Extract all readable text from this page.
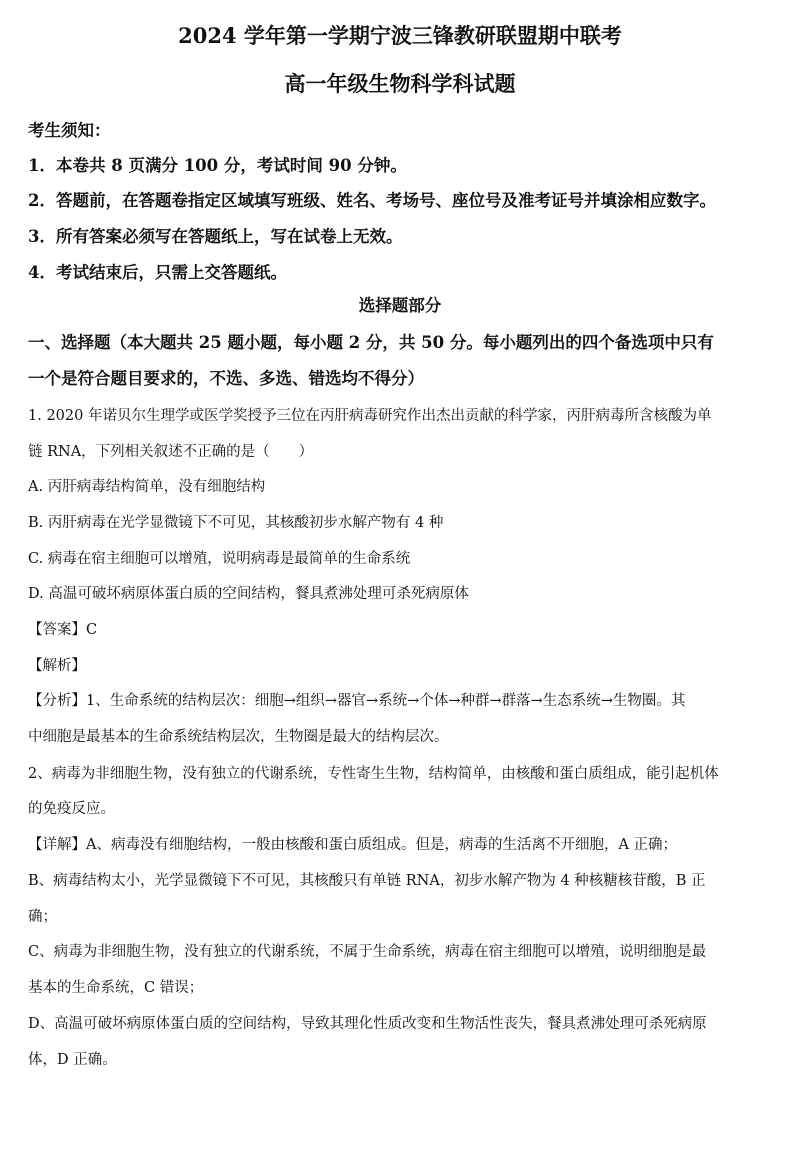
2024 学年第一学期宁波三锋教研联盟期中联考
高一年级生物科学科试题
考生须知：
1．本卷共 8 页满分 100 分，考试时间 90 分钟。
2．答题前，在答题卷指定区域填写班级、姓名、考场号、座位号及准考证号并填涂相应数字。
3．所有答案必须写在答题纸上，写在试卷上无效。
4．考试结束后，只需上交答题纸。
选择题部分
一、选择题（本大题共 25 题小题，每小题 2 分，共 50 分。每小题列出的四个备选项中只有
一个是符合题目要求的，不选、多选、错选均不得分）
1. 2020 年诺贝尔生理学或医学奖授予三位在丙肝病毒研究作出杰出贡献的科学家，丙肝病毒所含核酸为单
链 RNA，下列相关叙述不正确的是（　　）
A. 丙肝病毒结构简单，没有细胞结构
B. 丙肝病毒在光学显微镜下不可见，其核酸初步水解产物有 4 种
C. 病毒在宿主细胞可以增殖，说明病毒是最简单的生命系统
D. 高温可破坏病原体蛋白质的空间结构，餐具煮沸处理可杀死病原体
【答案】C
【解析】
【分析】1、生命系统的结构层次：细胞→组织→器官→系统→个体→种群→群落→生态系统→生物圈。其
中细胞是最基本的生命系统结构层次，生物圈是最大的结构层次。
2、病毒为非细胞生物，没有独立的代谢系统，专性寄生生物，结构简单，由核酸和蛋白质组成，能引起机体
的免疫反应。
【详解】A、病毒没有细胞结构，一般由核酸和蛋白质组成。但是，病毒的生活离不开细胞，A 正确；
B、病毒结构太小，光学显微镜下不可见，其核酸只有单链 RNA，初步水解产物为 4 种核糖核苷酸，B 正
确；
C、病毒为非细胞生物，没有独立的代谢系统，不属于生命系统，病毒在宿主细胞可以增殖，说明细胞是最
基本的生命系统，C 错误；
D、高温可破坏病原体蛋白质的空间结构，导致其理化性质改变和生物活性丧失，餐具煮沸处理可杀死病原
体，D 正确。
